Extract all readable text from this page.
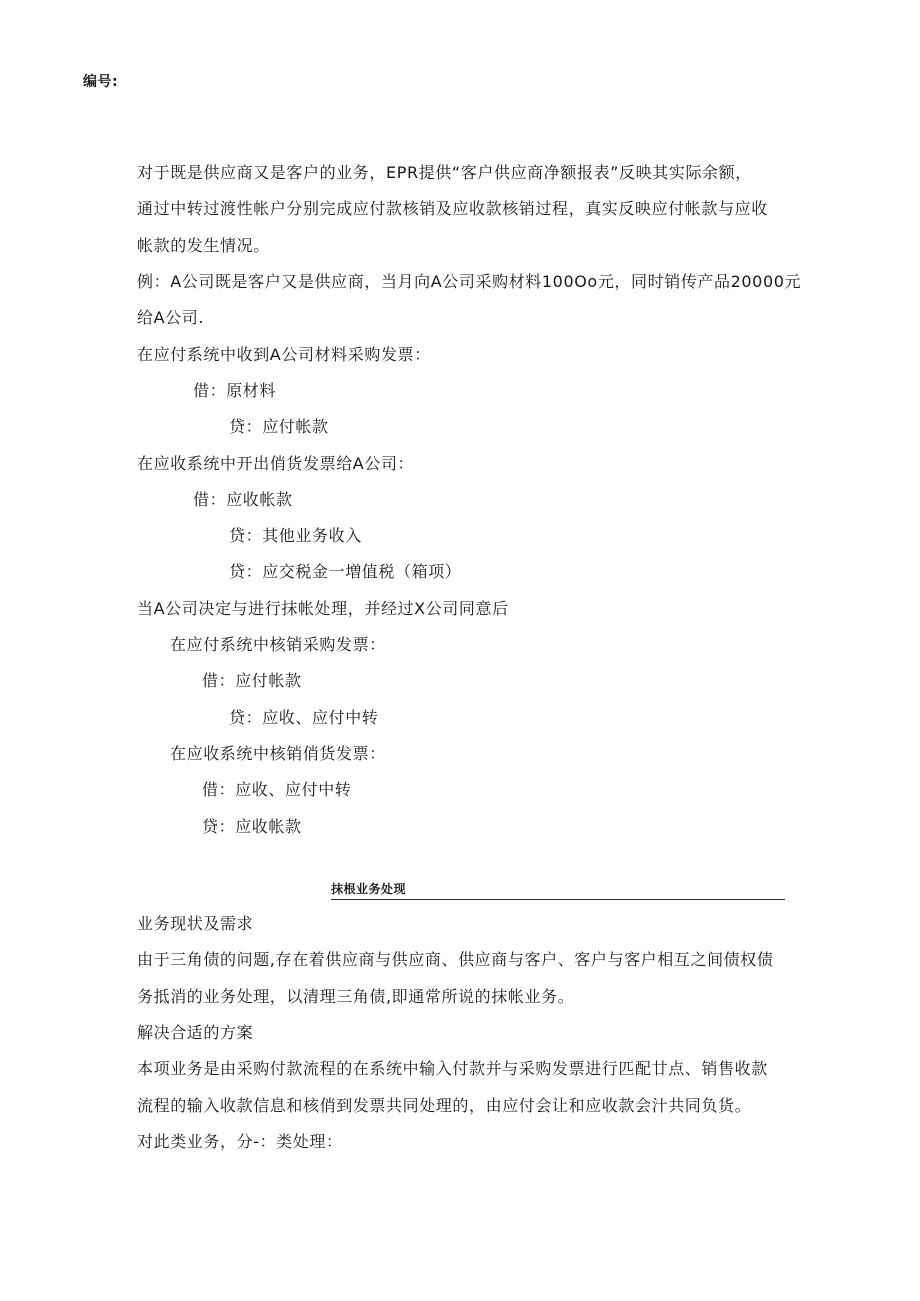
编号:
对于既是供应商又是客户的业务，EPR提供“客户供应商净额报表”反映其实际余额，
通过中转过渡性帐户分别完成应付款核销及应收款核销过程，真实反映应付帐款与应收
帐款的发生情况。
例：A公司既是客户又是供应商，当月向A公司采购材料100Oo元，同时销传产品20000元
给A公司.
在应付系统中收到A公司材料采购发票：
借：原材料
贷：应付帐款
在应收系统中开出俏货发票给A公司：
借：应收帐款
贷：其他业务收入
贷：应交税金一増值税（箱项）
当A公司决定与进行抹帐处理，并经过X公司同意后
在应付系统中核销采购发票：
借：应付帐款
贷：应收、应付中转
在应收系统中核销俏货发票：
借：应收、应付中转
贷：应收帐款
抹根业务处现
业务现状及需求
由于三角债的问题,存在着供应商与供应商、供应商与客户、客户与客户相互之间债权债
务抵消的业务处理，以清理三角债,即通常所说的抹帐业务。
解决合适的方案
本项业务是由采购付款流程的在系统中输入付款并与采购发票进行匹配廿点、销售收款
流程的输入收款信息和核俏到发票共同处理的，由应付会让和应收款会汁共同负货。
对此类业务，分-：类处理：
